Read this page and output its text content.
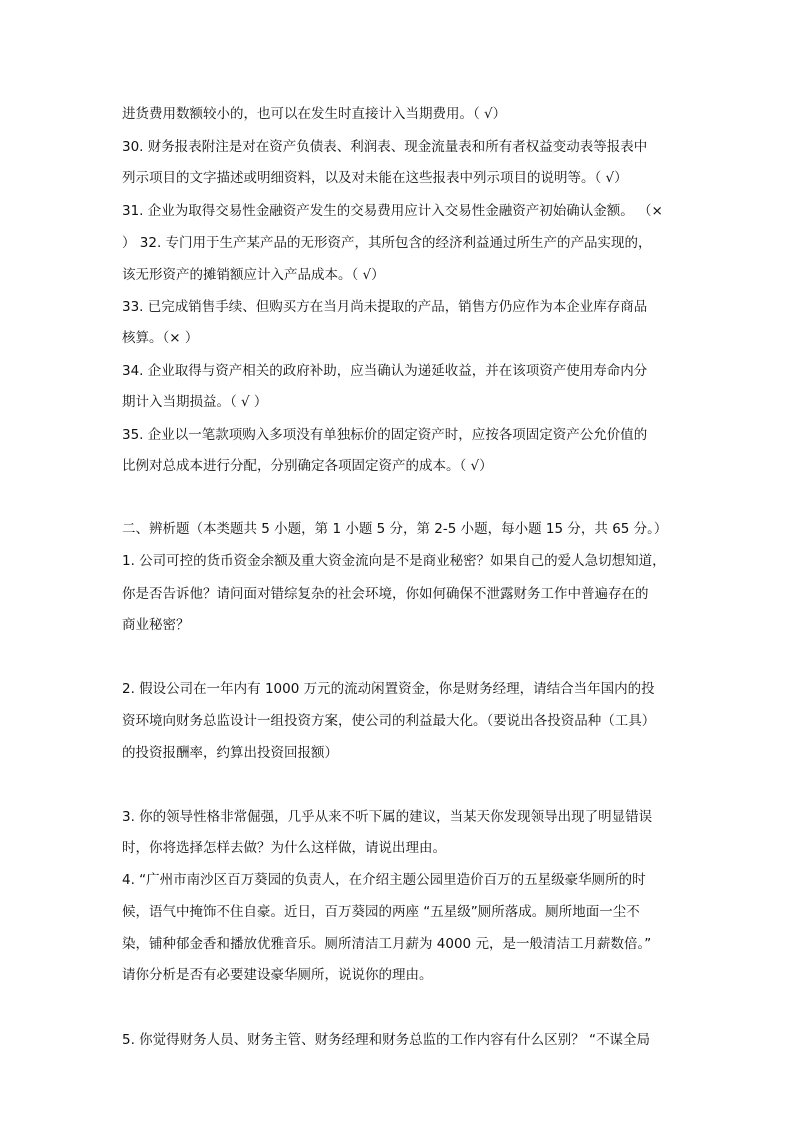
进货费用数额较小的，也可以在发生时直接计入当期费用。（ √）
30. 财务报表附注是对在资产负债表、利润表、现金流量表和所有者权益变动表等报表中
列示项目的文字描述或明细资料，以及对未能在这些报表中列示项目的说明等。（ √）
31. 企业为取得交易性金融资产发生的交易费用应计入交易性金融资产初始确认金额。 （×
） 32. 专门用于生产某产品的无形资产，其所包含的经济利益通过所生产的产品实现的，
该无形资产的摊销额应计入产品成本。（ √）
33. 已完成销售手续、但购买方在当月尚未提取的产品，销售方仍应作为本企业库存商品
核算。（× ）
34. 企业取得与资产相关的政府补助，应当确认为递延收益，并在该项资产使用寿命内分
期计入当期损益。（ √ ）
35. 企业以一笔款项购入多项没有单独标价的固定资产时，应按各项固定资产公允价值的
比例对总成本进行分配，分别确定各项固定资产的成本。（ √）
二、辨析题（本类题共 5 小题，第 1 小题 5 分，第 2-5 小题，每小题 15 分，共 65 分。）
1. 公司可控的货币资金余额及重大资金流向是不是商业秘密？如果自己的爱人急切想知道，
你是否告诉他？请问面对错综复杂的社会环境，你如何确保不泄露财务工作中普遍存在的
商业秘密？
2. 假设公司在一年内有 1000 万元的流动闲置资金，你是财务经理，请结合当年国内的投
资环境向财务总监设计一组投资方案，使公司的利益最大化。（要说出各投资品种（工具）
的投资报酬率，约算出投资回报额）
3. 你的领导性格非常倔强，几乎从来不听下属的建议，当某天你发现领导出现了明显错误
时，你将选择怎样去做？为什么这样做，请说出理由。
4. “广州市南沙区百万葵园的负责人，在介绍主题公园里造价百万的五星级豪华厕所的时
候，语气中掩饰不住自豪。近日，百万葵园的两座 “五星级”厕所落成。厕所地面一尘不
染，铺种郁金香和播放优雅音乐。厕所清洁工月薪为 4000 元，是一般清洁工月薪数倍。”
请你分析是否有必要建设豪华厕所，说说你的理由。
5. 你觉得财务人员、财务主管、财务经理和财务总监的工作内容有什么区别？ “不谋全局
